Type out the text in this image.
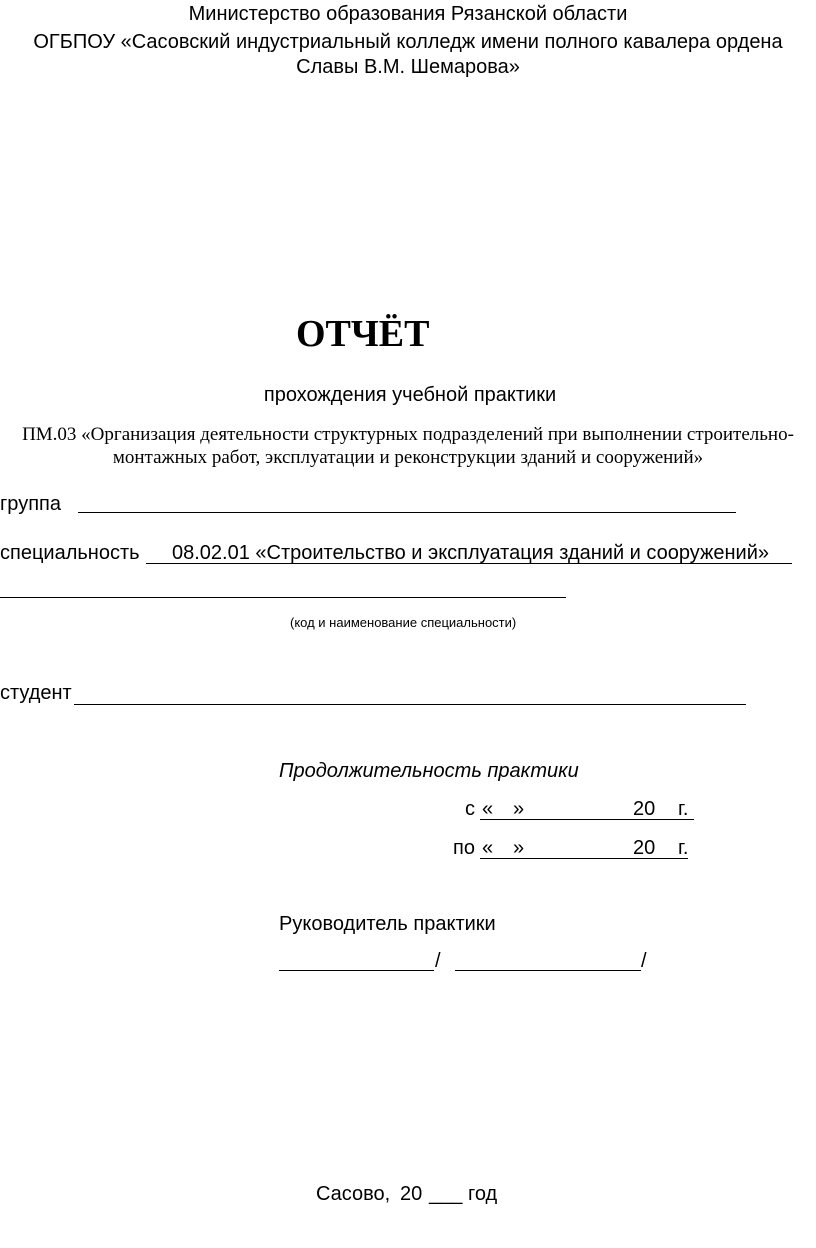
Министерство образования Рязанской области
ОГБПОУ «Сасовский индустриальный колледж имени полного кавалера ордена
Славы В.М. Шемарова»
ОТЧЁТ
прохождения учебной практики
ПМ.03 «Организация деятельности структурных подразделений при выполнении строительно-
монтажных работ, эксплуатации и реконструкции зданий и сооружений»
группа
специальность 08.02.01 «Строительство и эксплуатация зданий и сооружений»
(код и наименование специальности)
студент
Продолжительность практики
с « »	20 г.
по « »	20 г.
Руководитель практики
/	/
Сасово, 20 ___ год
